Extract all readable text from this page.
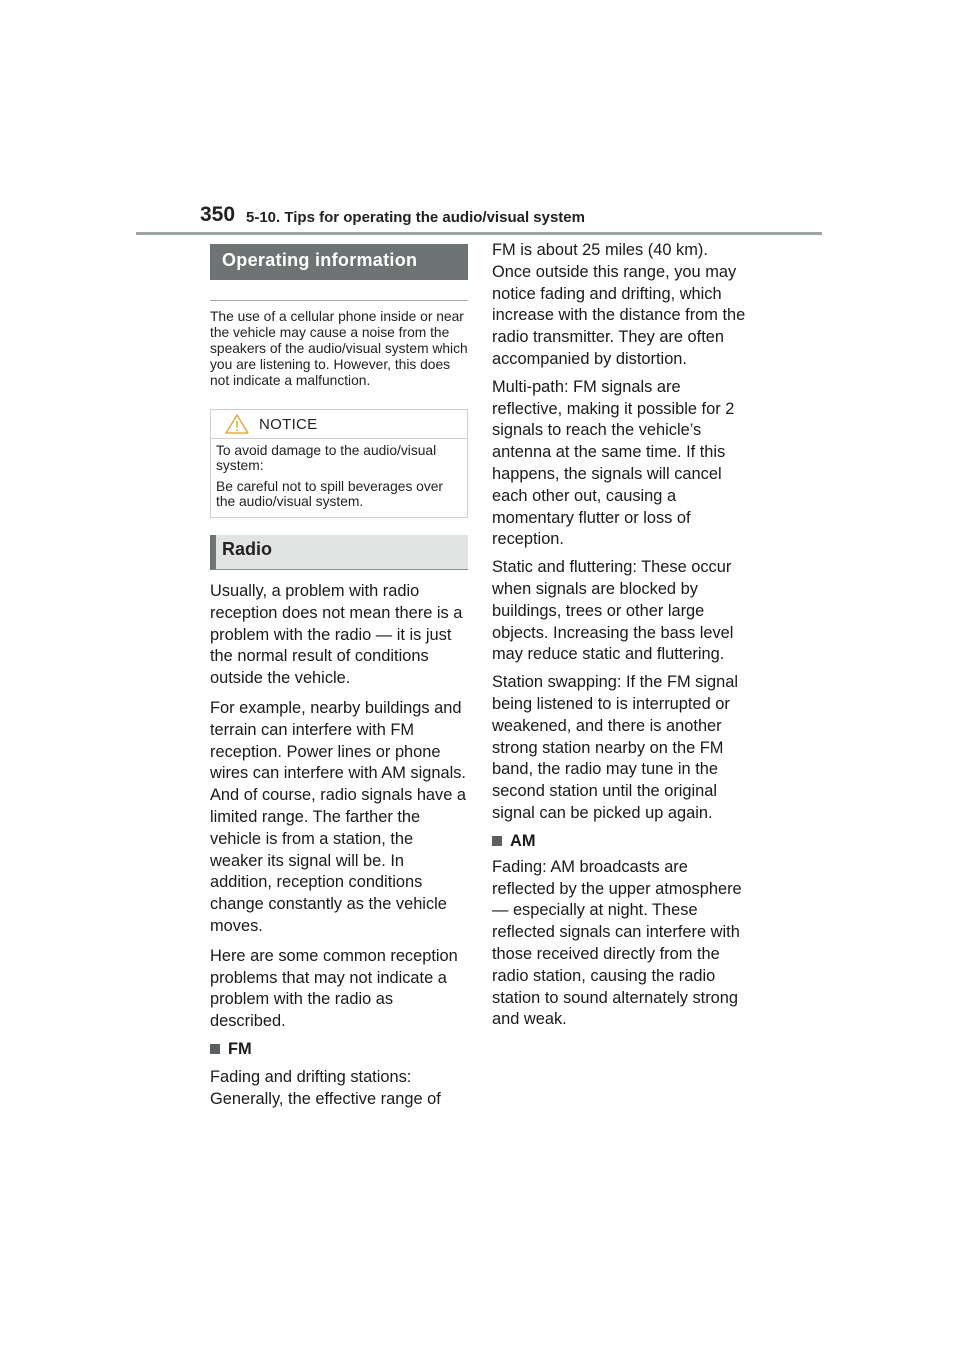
350 5-10. Tips for operating the audio/visual system
Operating information

The use of a cellular phone inside or near the vehicle may cause a noise from the speakers of the audio/visual system which you are listening to. However, this does not indicate a malfunction.

NOTICE

To avoid damage to the audio/visual system:

Be careful not to spill beverages over the audio/visual system.

Radio

Usually, a problem with radio reception does not mean there is a problem with the radio — it is just the normal result of conditions outside the vehicle.

For example, nearby buildings and terrain can interfere with FM reception. Power lines or phone wires can interfere with AM signals. And of course, radio signals have a limited range. The farther the vehicle is from a station, the weaker its signal will be. In addition, reception conditions change constantly as the vehicle moves.

Here are some common reception problems that may not indicate a problem with the radio as described.

FM

Fading and drifting stations: Generally, the effective range of

FM is about 25 miles (40 km). Once outside this range, you may notice fading and drifting, which increase with the distance from the radio transmitter. They are often accompanied by distortion.

Multi-path: FM signals are reflective, making it possible for 2 signals to reach the vehicle’s antenna at the same time. If this happens, the signals will cancel each other out, causing a momentary flutter or loss of reception.

Static and fluttering: These occur when signals are blocked by buildings, trees or other large objects. Increasing the bass level may reduce static and fluttering.

Station swapping: If the FM signal being listened to is interrupted or weakened, and there is another strong station nearby on the FM band, the radio may tune in the second station until the original signal can be picked up again.

AM

Fading: AM broadcasts are reflected by the upper atmosphere — especially at night. These reflected signals can interfere with those received directly from the radio station, causing the radio station to sound alternately strong and weak.
